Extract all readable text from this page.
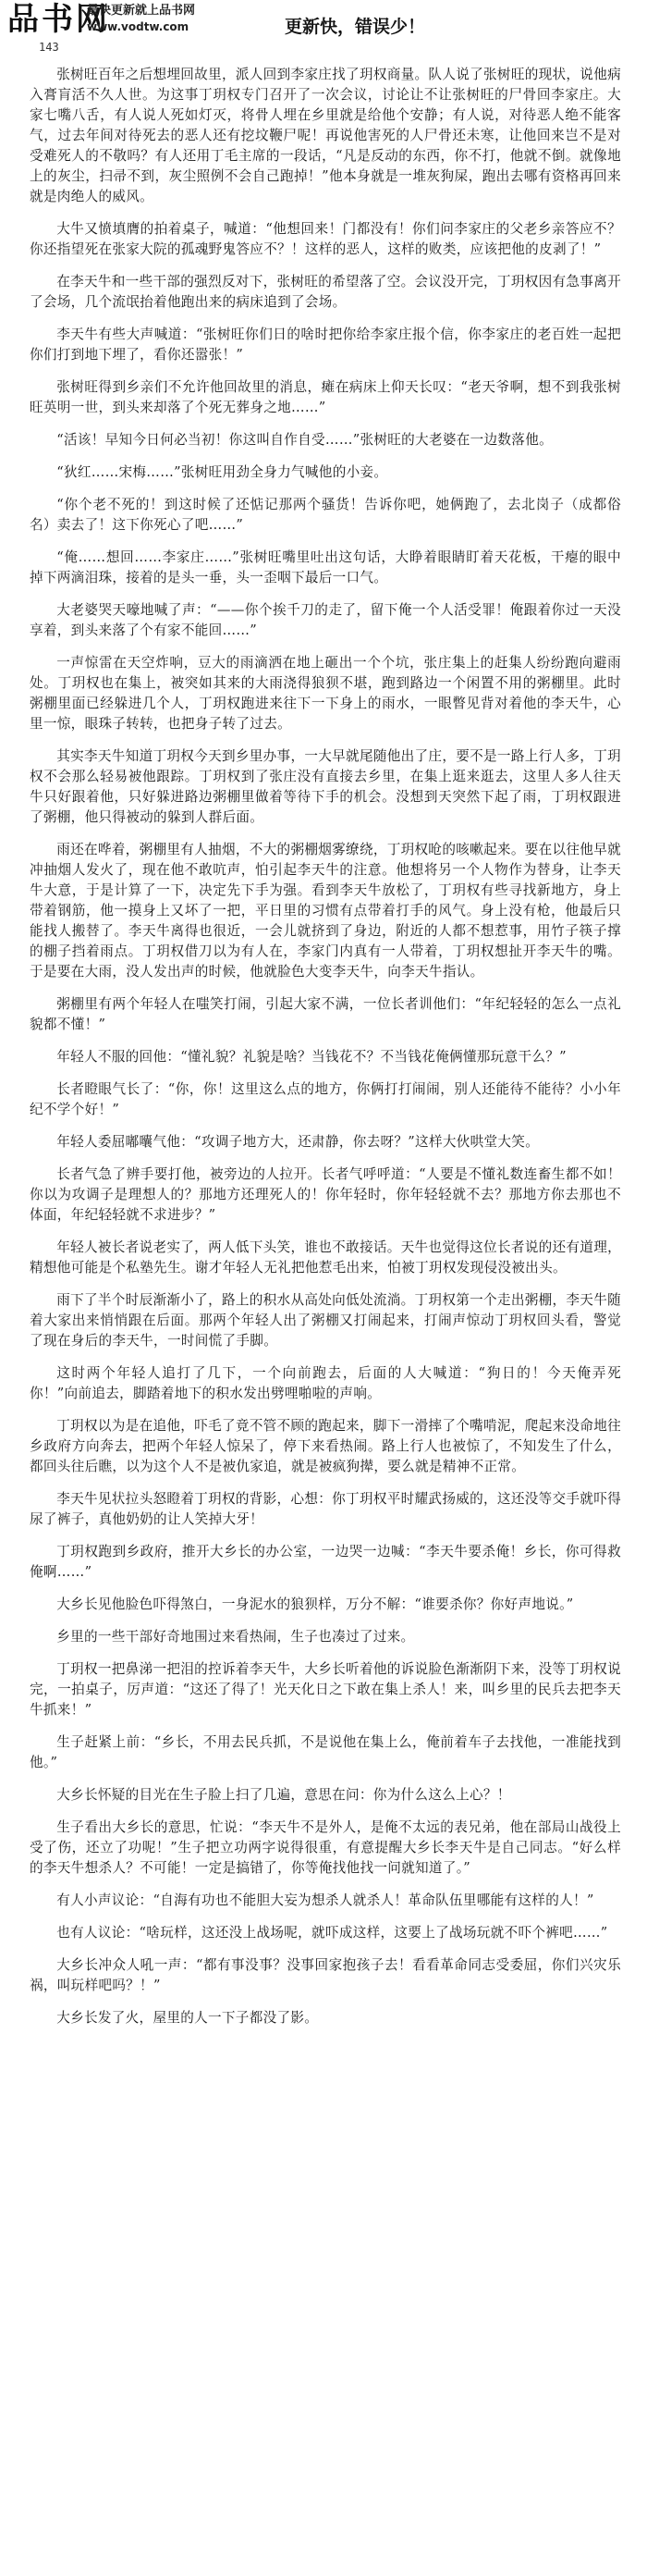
品书网
最快更新就上品书网
www.vodtw.com	更新快，错误少！
143

张树旺百年之后想埋回故里，派人回到李家庄找了玥权商量。队人说了张树旺的现状，说他病入膏肓活不久人世。为这事丁玥权专门召开了一次会议，讨论让不让张树旺的尸骨回李家庄。大家七嘴八舌，有人说人死如灯灭，将骨人埋在乡里就是给他个安静；有人说，对待恶人绝不能客气，过去年间对待死去的恶人还有挖坟鞭尸呢！再说他害死的人尸骨还未寒，让他回来岂不是对受难死人的不敬吗？有人还用丁毛主席的一段话，“凡是反动的东西，你不打，他就不倒。就像地上的灰尘，扫帚不到，灰尘照例不会自己跑掉！”他本身就是一堆灰狗屎，跑出去哪有资格再回来就是肉绝人的威风。

大牛又愤填膺的拍着桌子，喊道：“他想回来！门都没有！你们问李家庄的父老乡亲答应不？你还指望死在张家大院的孤魂野鬼答应不？！这样的恶人，这样的败类，应该把他的皮剥了！”

在李天牛和一些干部的强烈反对下，张树旺的希望落了空。会议没开完，丁玥权因有急事离开了会场，几个流氓抬着他跑出来的病床追到了会场。

李天牛有些大声喊道：“张树旺你们日的啥时把你给李家庄报个信，你李家庄的老百姓一起把你们打到地下埋了，看你还嚣张！”

张树旺得到乡亲们不允许他回故里的消息，瘫在病床上仰天长叹：“老天爷啊，想不到我张树旺英明一世，到头来却落了个死无葬身之地……”

“活该！早知今日何必当初！你这叫自作自受……”张树旺的大老婆在一边数落他。

“狄红……宋梅……”张树旺用劲全身力气喊他的小妾。

“你个老不死的！到这时候了还惦记那两个骚货！告诉你吧，她俩跑了，去北岗子（成都俗名）卖去了！这下你死心了吧……”

“俺……想回……李家庄……”张树旺嘴里吐出这句话，大睁着眼睛盯着天花板，干瘪的眼中掉下两滴泪珠，接着的是头一垂，头一歪咽下最后一口气。

大老婆哭天嚎地喊了声：“——你个挨千刀的走了，留下俺一个人活受罪！俺跟着你过一天没享着，到头来落了个有家不能回……”

一声惊雷在天空炸响，豆大的雨滴洒在地上砸出一个个坑，张庄集上的赶集人纷纷跑向避雨处。丁玥权也在集上，被突如其来的大雨浇得狼狈不堪，跑到路边一个闲置不用的粥棚里。此时粥棚里面已经躲进几个人，丁玥权跑进来往下一下身上的雨水，一眼瞥见背对着他的李天牛，心里一惊，眼珠子转转，也把身子转了过去。

其实李天牛知道丁玥权今天到乡里办事，一大早就尾随他出了庄，要不是一路上行人多，丁玥权不会那么轻易被他跟踪。丁玥权到了张庄没有直接去乡里，在集上逛来逛去，这里人多人往天牛只好跟着他，只好躲进路边粥棚里做着等待下手的机会。没想到天突然下起了雨，丁玥权跟进了粥棚，他只得被动的躲到人群后面。

雨还在哗着，粥棚里有人抽烟，不大的粥棚烟雾缭绕，丁玥权呛的咳嗽起来。要在以往他早就冲抽烟人发火了，现在他不敢吭声，怕引起李天牛的注意。他想将另一个人物作为替身，让李天牛大意，于是计算了一下，决定先下手为强。看到李天牛放松了，丁玥权有些寻找新地方，身上带着钢筋，他一摸身上又坏了一把，平日里的习惯有点带着打手的风气。身上没有枪，他最后只能找人搬替了。李天牛离得也很近，一会儿就挤到了身边，附近的人都不想惹事，用竹子筷子撑的棚子挡着雨点。丁玥权借刀以为有人在，李家门内真有一人带着，丁玥权想扯开李天牛的嘴。于是要在大雨，没人发出声的时候，他就脸色大变李天牛，向李天牛指认。

粥棚里有两个年轻人在嗤笑打闹，引起大家不满，一位长者训他们：“年纪轻轻的怎么一点礼貌都不懂！”

年轻人不服的回他：“懂礼貌？礼貌是啥？当钱花不？不当钱花俺俩懂那玩意干么？”

长者瞪眼气长了：“你，你！这里这么点的地方，你俩打打闹闹，别人还能待不能待？小小年纪不学个好！”

年轻人委屈嘟囔气他：“攻调子地方大，还肃静，你去呀？”这样大伙哄堂大笑。

长者气急了辨手要打他，被旁边的人拉开。长者气呼呼道：“人要是不懂礼数连畜生都不如！你以为攻调子是理想人的？那地方还理死人的！你年轻时，你年轻轻就不去？那地方你去那也不体面，年纪轻轻就不求进步？”

年轻人被长者说老实了，两人低下头笑，谁也不敢接话。天牛也觉得这位长者说的还有道理，精想他可能是个私塾先生。谢才年轻人无礼把他惹毛出来，怕被丁玥权发现侵没被出头。

雨下了半个时辰渐渐小了，路上的积水从高处向低处流淌。丁玥权第一个走出粥棚，李天牛随着大家出来悄悄跟在后面。那两个年轻人出了粥棚又打闹起来，打闹声惊动丁玥权回头看，警觉了现在身后的李天牛，一时间慌了手脚。

这时两个年轻人追打了几下，一个向前跑去，后面的人大喊道：“狗日的！今天俺弄死你！”向前追去，脚踏着地下的积水发出劈哩啪啦的声响。

丁玥权以为是在追他，吓毛了竟不管不顾的跑起来，脚下一滑摔了个嘴啃泥，爬起来没命地往乡政府方向奔去，把两个年轻人惊呆了，停下来看热闹。路上行人也被惊了，不知发生了什么，都回头往后瞧，以为这个人不是被仇家追，就是被疯狗撵，要么就是精神不正常。

李天牛见状拉头怒瞪着丁玥权的背影，心想：你丁玥权平时耀武扬威的，这还没等交手就吓得尿了裤子，真他奶奶的让人笑掉大牙！

丁玥权跑到乡政府，推开大乡长的办公室，一边哭一边喊：“李天牛要杀俺！乡长，你可得救俺啊……”

大乡长见他脸色吓得煞白，一身泥水的狼狈样，万分不解：“谁要杀你？你好声地说。”

乡里的一些干部好奇地围过来看热闹，生子也凑过了过来。

丁玥权一把鼻涕一把泪的控诉着李天牛，大乡长听着他的诉说脸色渐渐阴下来，没等丁玥权说完，一拍桌子，厉声道：“这还了得了！光天化日之下敢在集上杀人！来，叫乡里的民兵去把李天牛抓来！”

生子赶紧上前：“乡长，不用去民兵抓，不是说他在集上么，俺前着车子去找他，一准能找到他。”

大乡长怀疑的目光在生子脸上扫了几遍，意思在问：你为什么这么上心？！

生子看出大乡长的意思，忙说：“李天牛不是外人，是俺不太远的表兄弟，他在部局山战役上受了伤，还立了功呢！”生子把立功两字说得很重，有意提醒大乡长李天牛是自己同志。“好么样的李天牛想杀人？不可能！一定是搞错了，你等俺找他找一问就知道了。”

有人小声议论：“自海有功也不能胆大妄为想杀人就杀人！革命队伍里哪能有这样的人！”

也有人议论：“啥玩样，这还没上战场呢，就吓成这样，这要上了战场玩就不吓个裤吧……”

大乡长冲众人吼一声：“都有事没事？没事回家抱孩子去！看看革命同志受委屈，你们兴灾乐祸，叫玩样吧吗？！”

大乡长发了火，屋里的人一下子都没了影。
